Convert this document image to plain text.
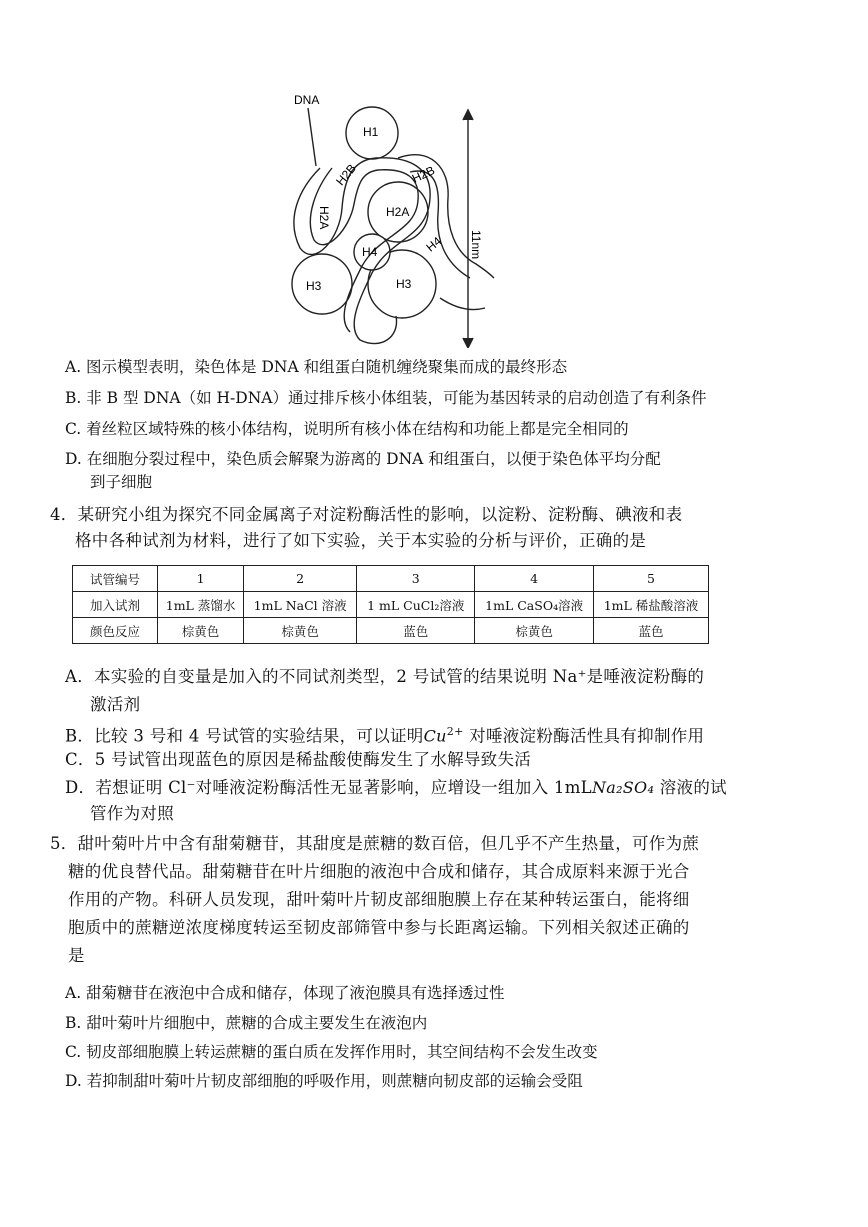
DNA
H1
H2B	H2B
H2A	H2A
H4	H4
H3	H3
11nm
A. 图示模型表明，染色体是 DNA 和组蛋白随机缠绕聚集而成的最终形态
B. 非 B 型 DNA（如 H-DNA）通过排斥核小体组装，可能为基因转录的启动创造了有利条件
C. 着丝粒区域特殊的核小体结构，说明所有核小体在结构和功能上都是完全相同的
D. 在细胞分裂过程中，染色质会解聚为游离的 DNA 和组蛋白，以便于染色体平均分配
到子细胞
4．某研究小组为探究不同金属离子对淀粉酶活性的影响，以淀粉、淀粉酶、碘液和表
格中各种试剂为材料，进行了如下实验，关于本实验的分析与评价，正确的是
试管编号	1	2	3	4	5
加入试剂	1mL 蒸馏水	1mL NaCl 溶液	1 mL CuCl₂溶液	1mL CaSO₄溶液	1mL 稀盐酸溶液
颜色反应	棕黄色	棕黄色	蓝色	棕黄色	蓝色
A．本实验的自变量是加入的不同试剂类型，2 号试管的结果说明 Na⁺是唾液淀粉酶的
激活剂
B．比较 3 号和 4 号试管的实验结果，可以证明$Cu^{2+}$ 对唾液淀粉酶活性具有抑制作用
C．5 号试管出现蓝色的原因是稀盐酸使酶发生了水解导致失活
D．若想证明 Cl⁻对唾液淀粉酶活性无显著影响，应增设一组加入 1mLNa₂SO₄ 溶液的试
管作为对照
5．甜叶菊叶片中含有甜菊糖苷，其甜度是蔗糖的数百倍，但几乎不产生热量，可作为蔗
糖的优良替代品。甜菊糖苷在叶片细胞的液泡中合成和储存，其合成原料来源于光合
作用的产物。科研人员发现，甜叶菊叶片韧皮部细胞膜上存在某种转运蛋白，能将细
胞质中的蔗糖逆浓度梯度转运至韧皮部筛管中参与长距离运输。下列相关叙述正确的
是
A. 甜菊糖苷在液泡中合成和储存，体现了液泡膜具有选择透过性
B. 甜叶菊叶片细胞中，蔗糖的合成主要发生在液泡内
C. 韧皮部细胞膜上转运蔗糖的蛋白质在发挥作用时，其空间结构不会发生改变
D. 若抑制甜叶菊叶片韧皮部细胞的呼吸作用，则蔗糖向韧皮部的运输会受阻
